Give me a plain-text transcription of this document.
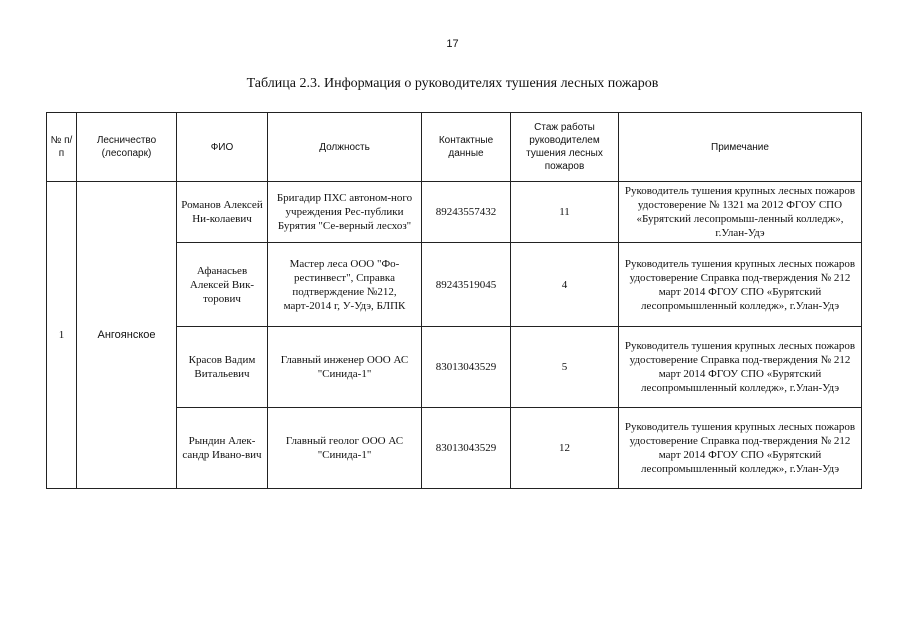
17
Таблица 2.3. Информация о руководителях тушения лесных пожаров
№ п/п	Лесничество (лесопарк)	ФИО	Должность	Контактные данные	Стаж работы руководителем тушения лесных пожаров	Примечание
1	Ангоянское	Романов Алексей Ни-колаевич	Бригадир ПХС автоном-ного учреждения Рес-публики Бурятия "Се-верный лесхоз"	89243557432	11	Руководитель тушения крупных лесных пожаров удостоверение № 1321 ма 2012 ФГОУ СПО «Бурятский лесопромыш-ленный колледж», г.Улан-Удэ
		Афанасьев Алексей Вик-торович	Мастер леса ООО "Фо-рестинвест", Справка подтверждение №212, март-2014 г, У-Удэ, БЛПК	89243519045	4	Руководитель тушения крупных лесных пожаров удостоверение Справка под-тверждения № 212 март 2014 ФГОУ СПО «Бурятский лесопромышленный колледж», г.Улан-Удэ
		Красов Вадим Витальевич	Главный инженер ООО АС "Синида-1"	83013043529	5	Руководитель тушения крупных лесных пожаров удостоверение Справка под-тверждения № 212 март 2014 ФГОУ СПО «Бурятский лесопромышленный колледж», г.Улан-Удэ
		Рындин Алек-сандр Ивано-вич	Главный геолог ООО АС "Синида-1"	83013043529	12	Руководитель тушения крупных лесных пожаров удостоверение Справка под-тверждения № 212 март 2014 ФГОУ СПО «Бурятский лесопромышленный колледж», г.Улан-Удэ
